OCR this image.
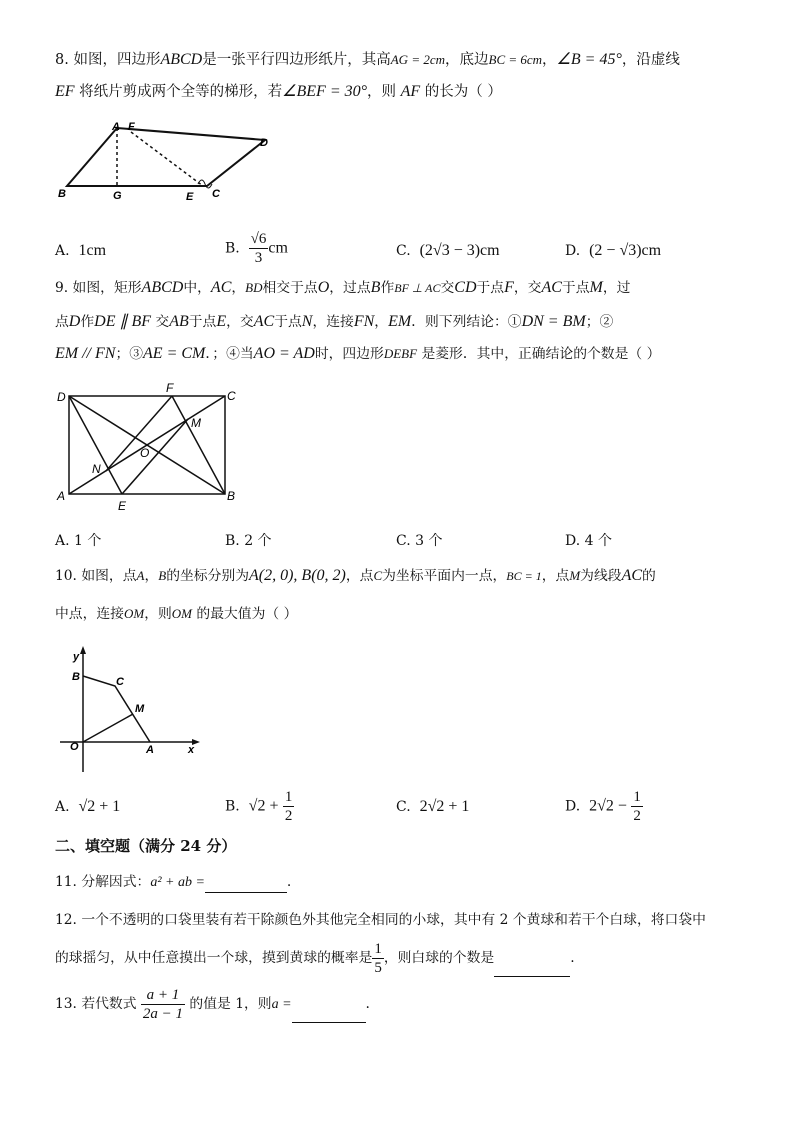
8. 如图，四边形ABCD是一张平行四边形纸片，其高AG = 2cm，底边BC = 6cm，∠B = 45°，沿虚线
EF 将纸片剪成两个全等的梯形，若∠BEF = 30°，则 AF 的长为（ ）
A F
D
B	G	E C
A. 1cm	B. $\frac{√6}{3}$ cm	C. (2√3 − 3)cm	D. (2 − √3)cm
9. 如图，矩形ABCD中，AC，BD相交于点O，过点B作BF ⊥ AC交CD于点F，交AC于点M，过
点D作DE ∥ BF 交AB于点E，交AC于点N，连接FN，EM．则下列结论：①DN = BM；②
EM // FN；③AE = CM．；④当AO = AD时，四边形DEBF 是菱形．其中，正确结论的个数是（ ）
D
F
C
M
O
N
A
E
B
A. 1 个	B. 2 个	C. 3 个	D. 4 个
10. 如图，点A，B的坐标分别为A(2, 0), B(0, 2)，点C为坐标平面内一点，BC = 1，点M为线段AC的
中点，连接OM，则OM 的最大值为（ ）
y
B	C
M
O	A	x
A. √2 + 1	B. $√2 + \frac{1}{2}$	C. 2√2 + 1	D. $2√2 - \frac{1}{2}$
二、填空题（满分 24 分）
11. 分解因式：a² + ab =	.
12. 一个不透明的口袋里装有若干除颜色外其他完全相同的小球，其中有 2 个黄球和若干个白球，将口袋中
的球摇匀，从中任意摸出一个球，摸到黄球的概率是 $\frac{1}{5}$ ，则白球的个数是	.
13. 若代数式 $\frac{a + 1}{2a - 1}$ 的值是 1，则a =	.
